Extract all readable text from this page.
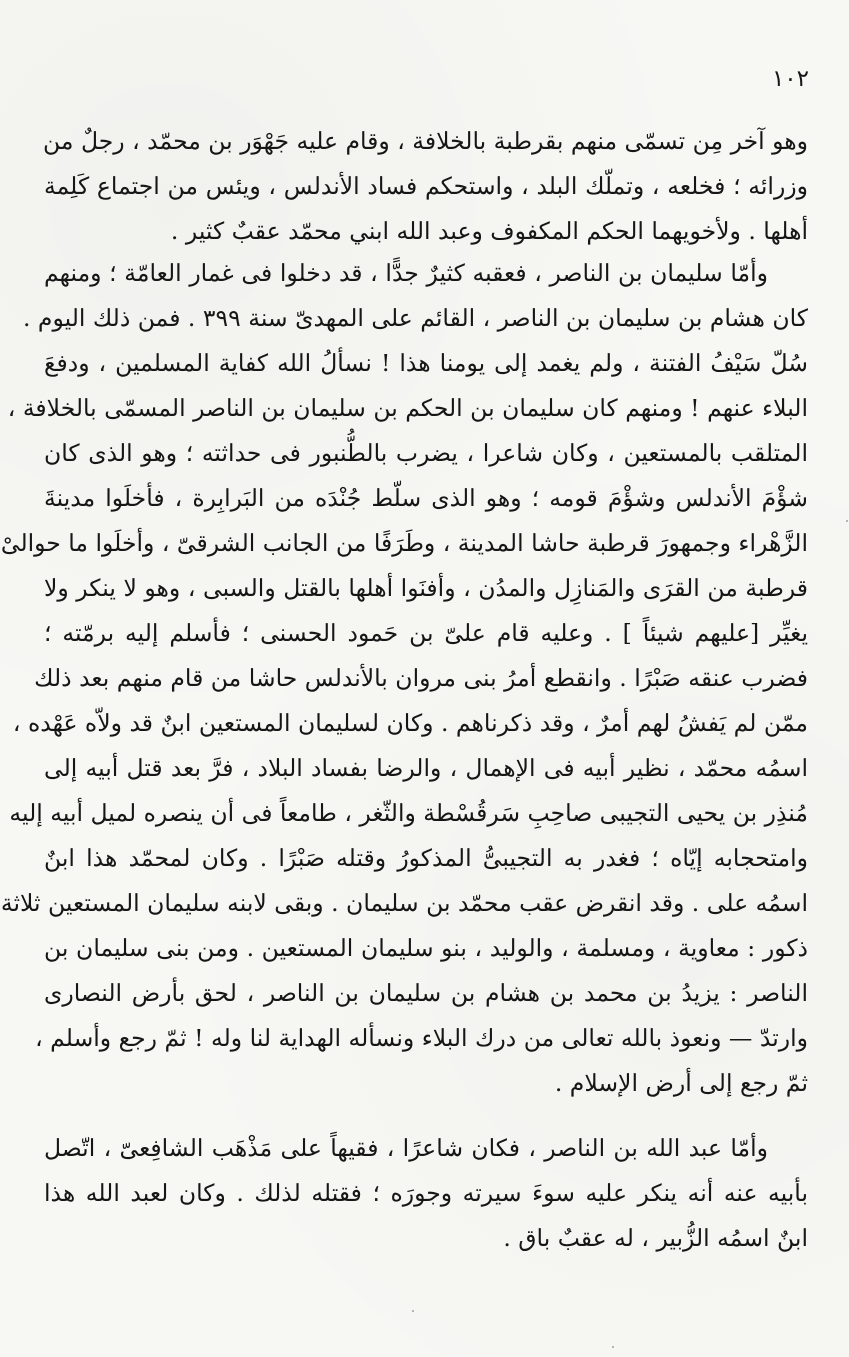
١٠٢
وهو آخر مِن تسمّى منهم بقرطبة بالخلافة ، وقام عليه جَهْوَر بن محمّد ، رجلٌ من
وزرائه ؛ فخلعه ، وتملّك البلد ، واستحكم فساد الأندلس ، ويئس من اجتماع كَلِمة
أهلها . ولأخويهما الحكم المكفوف وعبد الله ابني محمّد عقبٌ كثير .
وأمّا سليمان بن الناصر ، فعقبه كثيرٌ جدًّا ، قد دخلوا فى غمار العامّة ؛ ومنهم
كان هشام بن سليمان بن الناصر ، القائم على المهدىّ سنة ٣٩٩ . فمن ذلك اليوم .
سُلّ سَيْفُ الفتنة ، ولم يغمد إلى يومنا هذا ! نسألُ الله كفاية المسلمين ، ودفعَ
البلاء عنهم ! ومنهم كان سليمان بن الحكم بن سليمان بن الناصر المسمّى بالخلافة ،
المتلقب بالمستعين ، وكان شاعرا ، يضرب بالطُّنبور فى حداثته ؛ وهو الذى كان
شؤْمَ الأندلس وشؤْمَ قومه ؛ وهو الذى سلّط جُنْدَه من البَرابِرة ، فأخلَوا مدينةَ
الزَّهْراء وجمهورَ قرطبة حاشا المدينة ، وطَرَفًا من الجانب الشرقىّ ، وأخلَوا ما حوالىْ
قرطبة من القرَى والمَنازِل والمدُن ، وأفنَوا أهلها بالقتل والسبى ، وهو لا ينكر ولا
يغيِّر [عليهم شيئاً ] . وعليه قام علىّ بن حَمود الحسنى ؛ فأسلم إليه برمّته ؛
فضرب عنقه صَبْرًا . وانقطع أمرُ بنى مروان بالأندلس حاشا من قام منهم بعد ذلك
ممّن لم يَفشُ لهم أمرٌ ، وقد ذكرناهم . وكان لسليمان المستعين ابنٌ قد ولاّه عَهْده ،
اسمُه محمّد ، نظير أبيه فى الإهمال ، والرضا بفساد البلاد ، فرَّ بعد قتل أبيه إلى
مُنذِر بن يحيى التجيبى صاحِبِ سَرقُسْطة والثّغر ، طامعاً فى أن ينصره لميل أبيه إليه
وامتحجابه إيّاه ؛ فغدر به التجيبىُّ المذكورُ وقتله صَبْرًا . وكان لمحمّد هذا ابنٌ
اسمُه على . وقد انقرض عقب محمّد بن سليمان . وبقى لابنه سليمان المستعين ثلاثة
ذكور : معاوية ، ومسلمة ، والوليد ، بنو سليمان المستعين . ومن بنى سليمان بن
الناصر : يزيدُ بن محمد بن هشام بن سليمان بن الناصر ، لحق بأرض النصارى
وارتدّ — ونعوذ بالله تعالى من درك البلاء ونسأله الهداية لنا وله ! ثمّ رجع وأسلم ،
ثمّ رجع إلى أرض الإسلام .
وأمّا عبد الله بن الناصر ، فكان شاعرًا ، فقيهاً على مَذْهَب الشافِعىّ ، اتّصل
بأبيه عنه أنه ينكر عليه سوءَ سيرته وجورَه ؛ فقتله لذلك . وكان لعبد الله هذا
ابنٌ اسمُه الزُّبير ، له عقبٌ باق .
